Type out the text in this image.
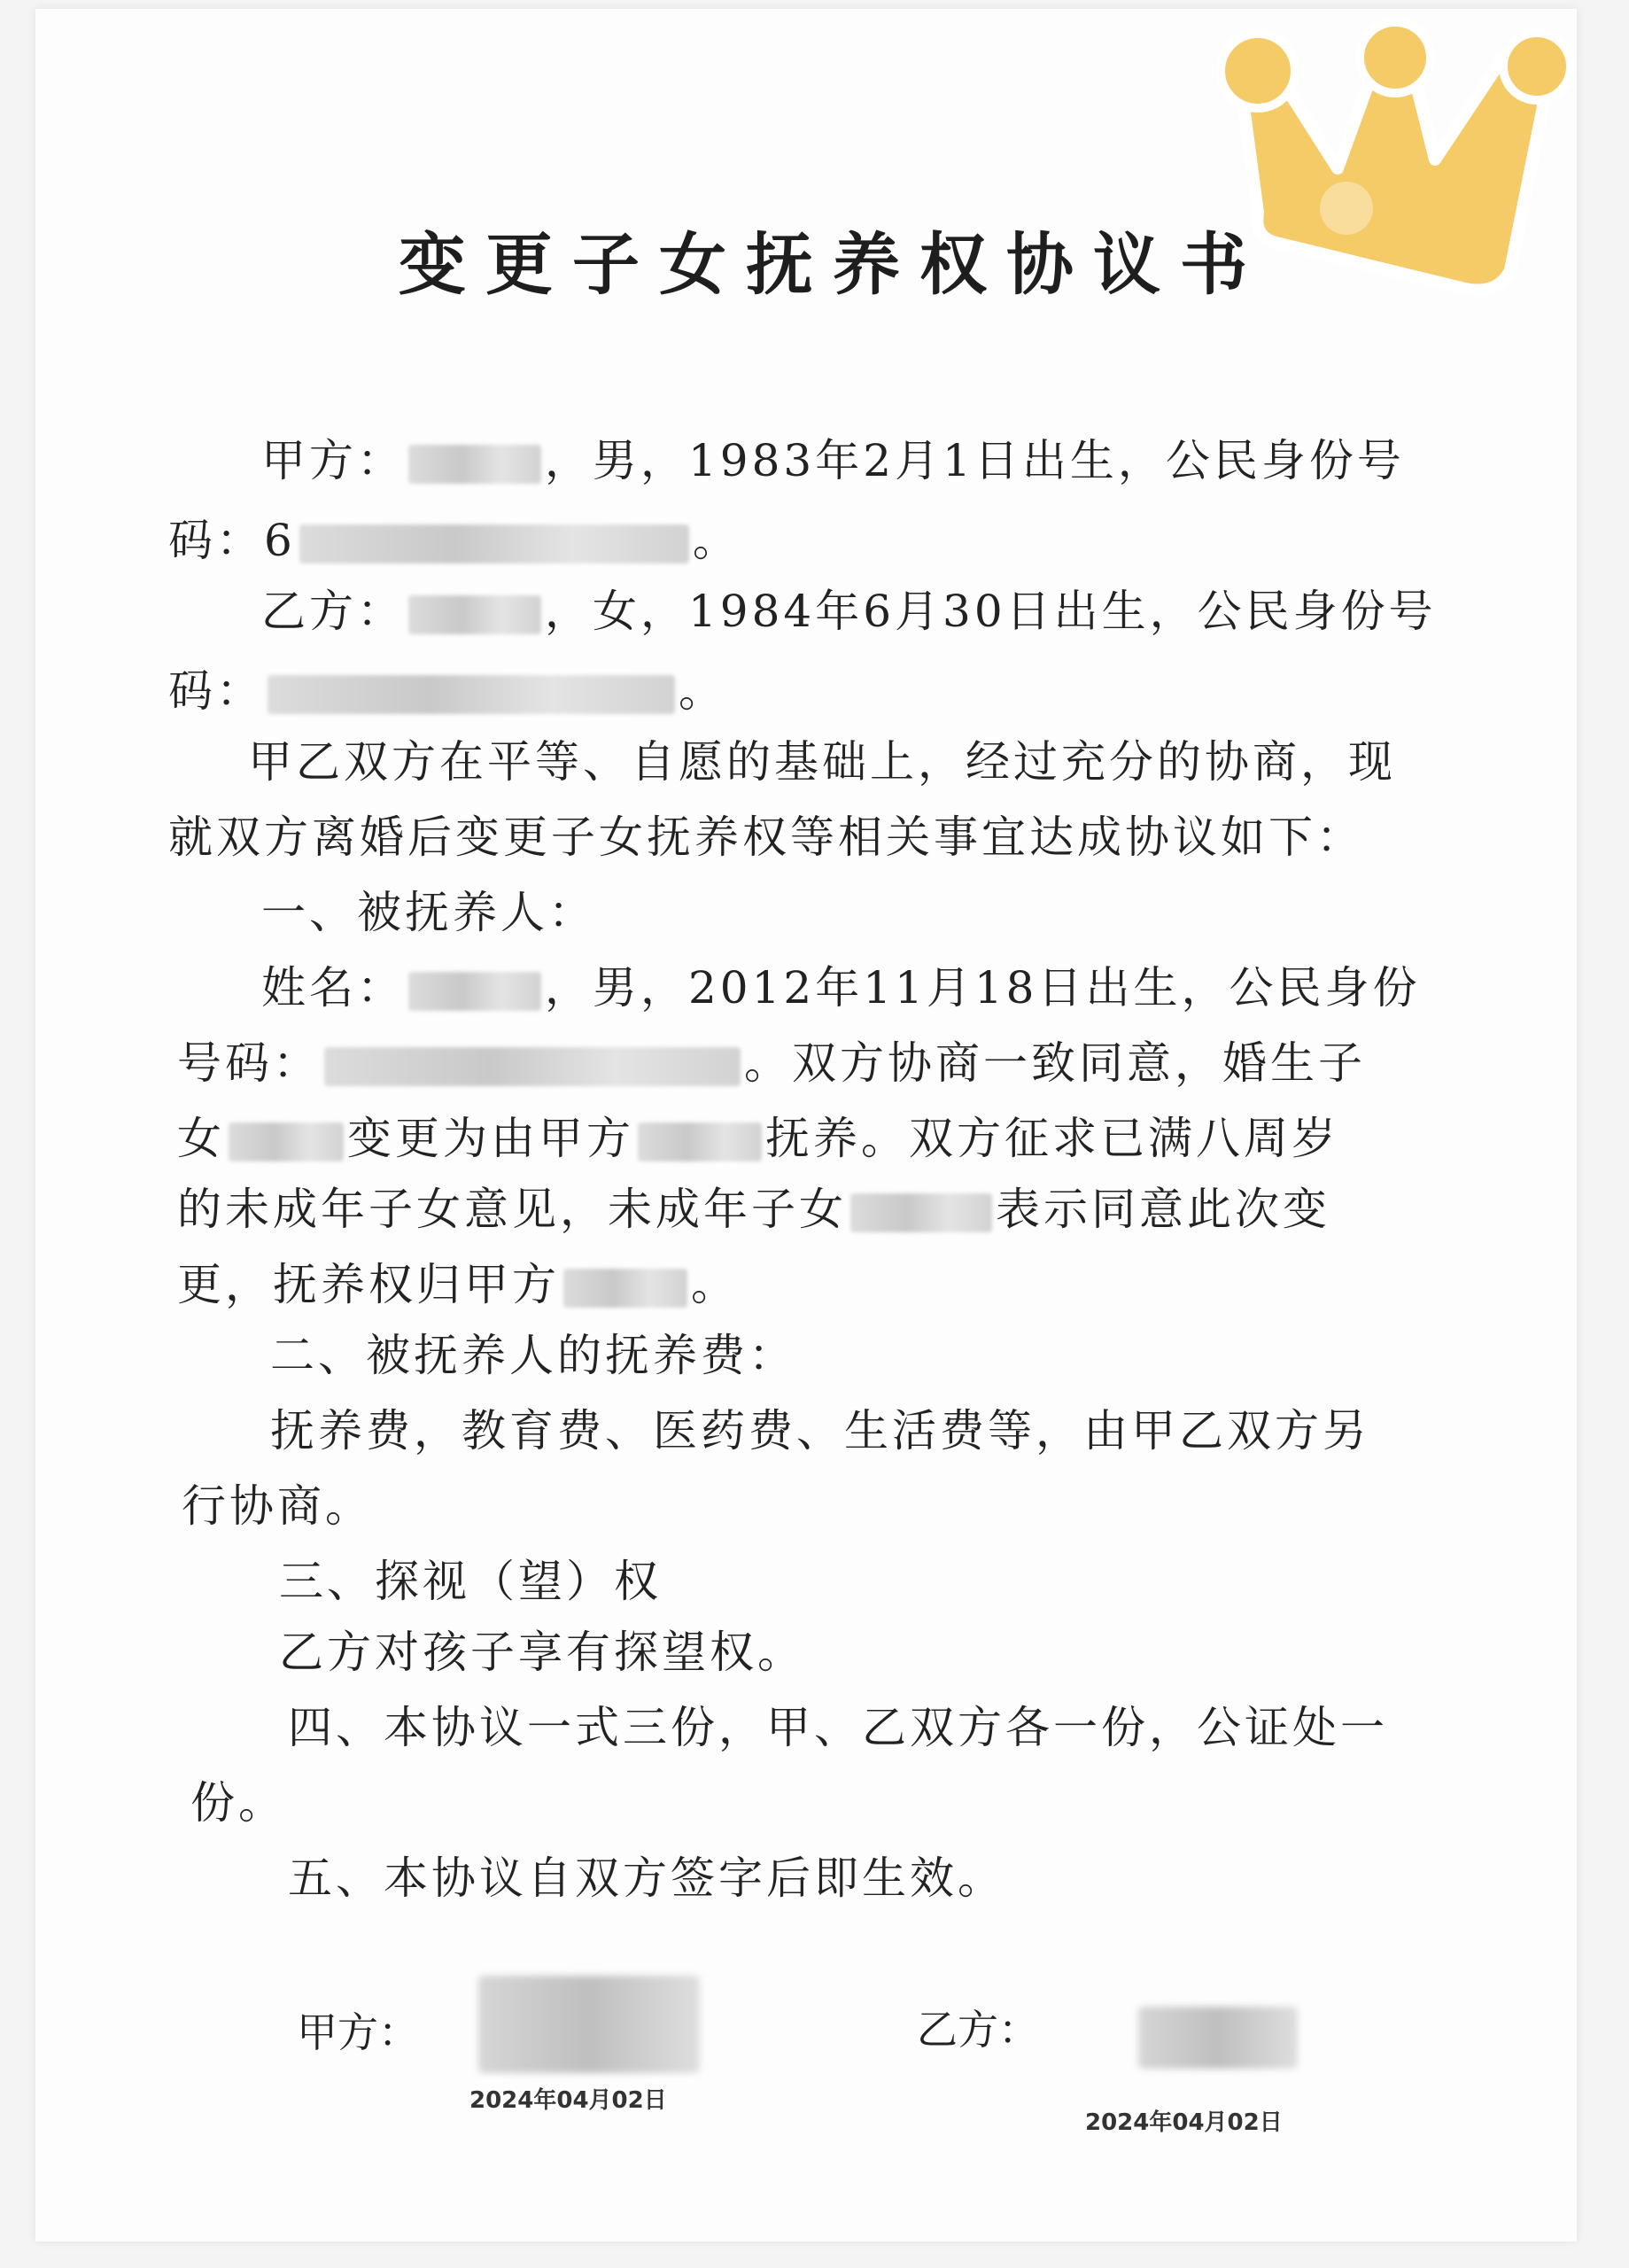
变更子女抚养权协议书
甲方：	，男，1983年2月1日出生，公民身份号
码：6	。
乙方：	，女，1984年6月30日出生，公民身份号
码：	。
甲乙双方在平等、自愿的基础上，经过充分的协商，现
就双方离婚后变更子女抚养权等相关事宜达成协议如下：
一、被抚养人：
姓名：	，男，2012年11月18日出生，公民身份
号码：	。双方协商一致同意，婚生子
女	变更为由甲方	抚养。双方征求已满八周岁
的未成年子女意见，未成年子女	表示同意此次变
更，抚养权归甲方	。
二、被抚养人的抚养费：
抚养费，教育费、医药费、生活费等，由甲乙双方另
行协商。
三、探视（望）权
乙方对孩子享有探望权。
四、本协议一式三份，甲、乙双方各一份，公证处一
份。
五、本协议自双方签字后即生效。
甲方：
2024年04月02日
乙方：
2024年04月02日
